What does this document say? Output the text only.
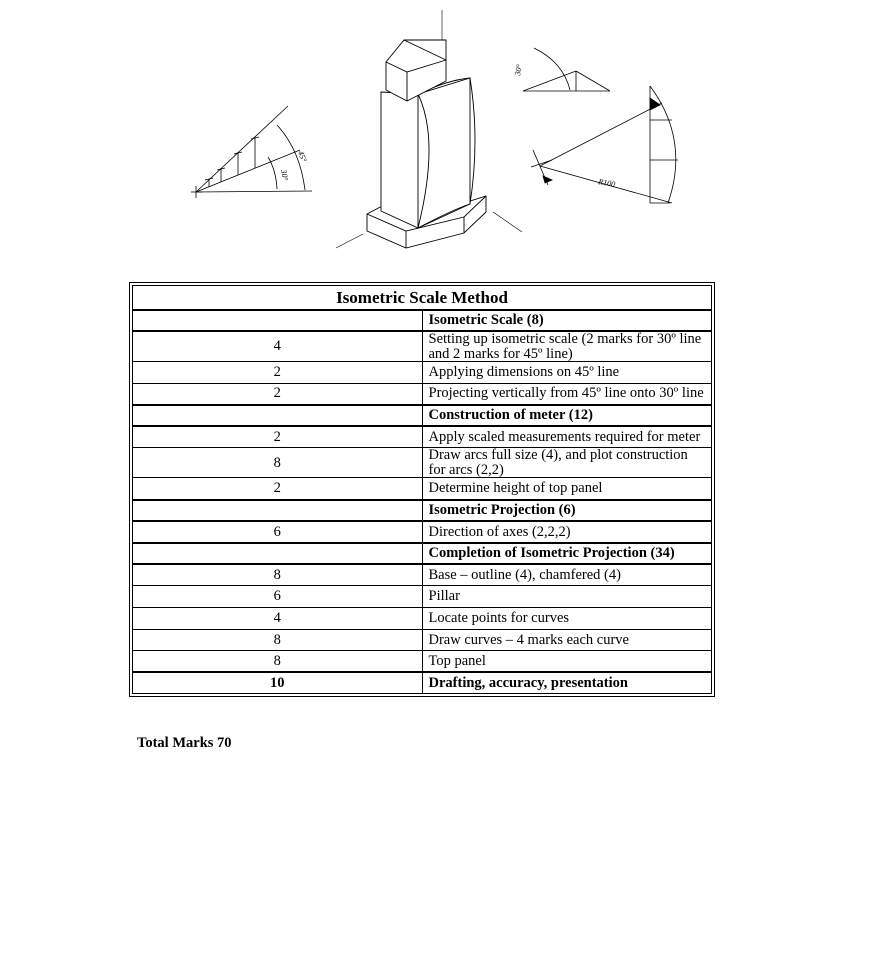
45°
30°
30°
R100
Isometric Scale Method	
	Isometric Scale (8)
4	Setting up isometric scale (2 marks for 30º line and 2 marks for 45º line)
2	Applying dimensions on 45º line
2	Projecting vertically from 45º line onto 30º line
	Construction of meter (12)
2	Apply scaled measurements required for meter
8	Draw arcs full size (4), and plot construction for arcs (2,2)
2	Determine height of top panel
	Isometric Projection (6)
6	Direction of axes (2,2,2)
	Completion of Isometric Projection (34)
8	Base – outline (4), chamfered (4)
6	Pillar
4	Locate points for curves
8	Draw curves – 4 marks each curve
8	Top panel
10	Drafting, accuracy, presentation
Total Marks 70
